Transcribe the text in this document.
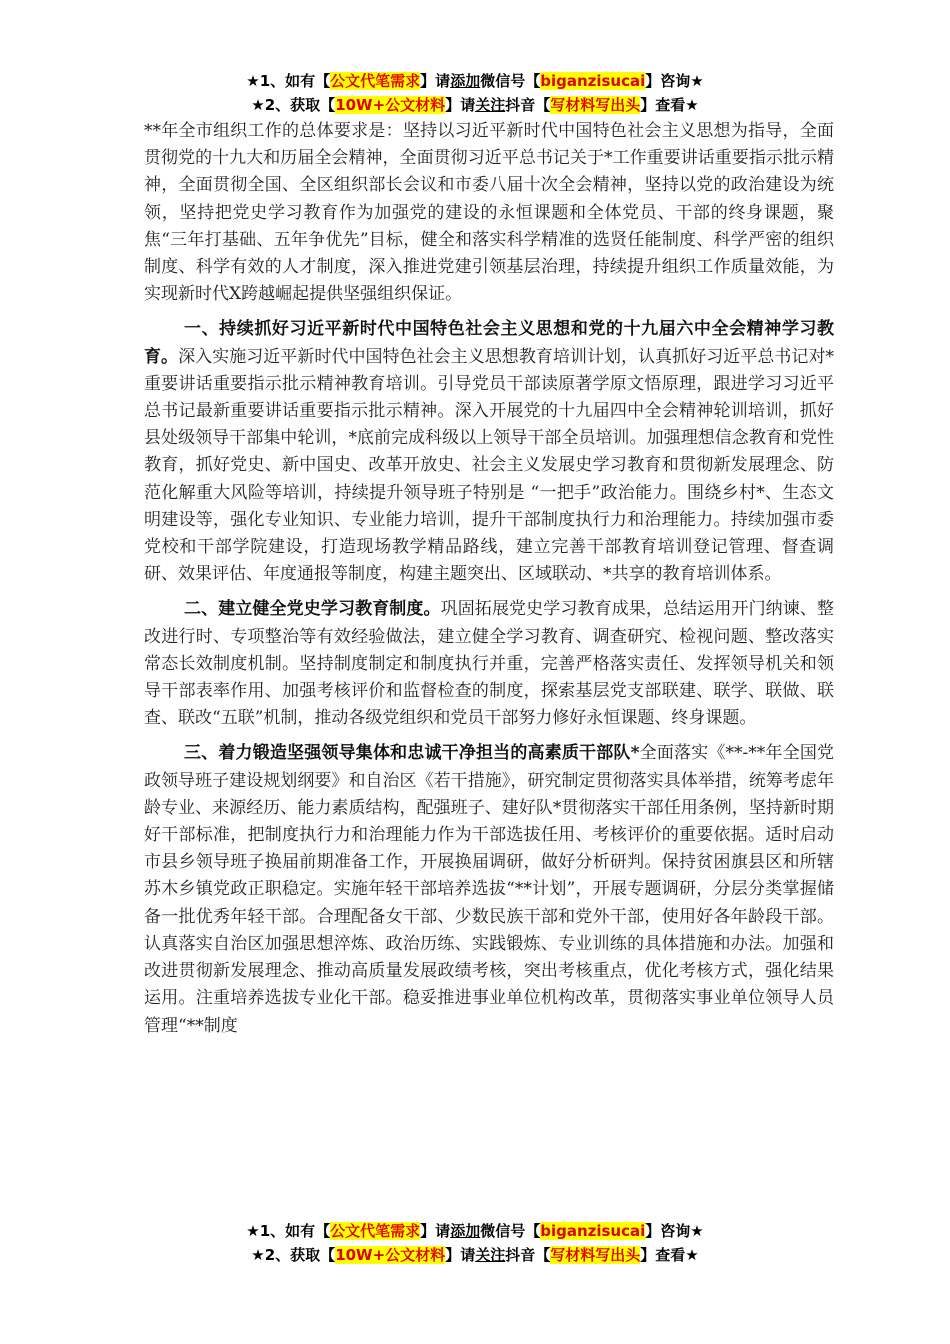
★1、如有【公文代笔需求】请添加微信号【biganzisucai】咨询★
★2、获取【10W+公文材料】请关注抖音【写材料写出头】查看★

**年全市组织工作的总体要求是：坚持以习近平新时代中国特色社会主义思想为指导，全面贯彻党的十九大和历届全会精神，全面贯彻习近平总书记关于*工作重要讲话重要指示批示精神，全面贯彻全国、全区组织部长会议和市委八届十次全会精神，坚持以党的政治建设为统领，坚持把党史学习教育作为加强党的建设的永恒课题和全体党员、干部的终身课题，聚焦“三年打基础、五年争优先”目标，健全和落实科学精准的选贤任能制度、科学严密的组织制度、科学有效的人才制度，深入推进党建引领基层治理，持续提升组织工作质量效能，为实现新时代X跨越崛起提供坚强组织保证。

一、持续抓好习近平新时代中国特色社会主义思想和党的十九届六中全会精神学习教育。深入实施习近平新时代中国特色社会主义思想教育培训计划，认真抓好习近平总书记对*重要讲话重要指示批示精神教育培训。引导党员干部读原著学原文悟原理，跟进学习习近平总书记最新重要讲话重要指示批示精神。深入开展党的十九届四中全会精神轮训培训，抓好县处级领导干部集中轮训，*底前完成科级以上领导干部全员培训。加强理想信念教育和党性教育，抓好党史、新中国史、改革开放史、社会主义发展史学习教育和贯彻新发展理念、防范化解重大风险等培训，持续提升领导班子特别是 “一把手”政治能力。围绕乡村*、生态文明建设等，强化专业知识、专业能力培训，提升干部制度执行力和治理能力。持续加强市委党校和干部学院建设，打造现场教学精品路线，建立完善干部教育培训登记管理、督查调研、效果评估、年度通报等制度，构建主题突出、区域联动、*共享的教育培训体系。

二、建立健全党史学习教育制度。巩固拓展党史学习教育成果，总结运用开门纳谏、整改进行时、专项整治等有效经验做法，建立健全学习教育、调查研究、检视问题、整改落实常态长效制度机制。坚持制度制定和制度执行并重，完善严格落实责任、发挥领导机关和领导干部表率作用、加强考核评价和监督检查的制度，探索基层党支部联建、联学、联做、联查、联改“五联”机制，推动各级党组织和党员干部努力修好永恒课题、终身课题。

三、着力锻造坚强领导集体和忠诚干净担当的高素质干部队*全面落实《**-**年全国党政领导班子建设规划纲要》和自治区《若干措施》，研究制定贯彻落实具体举措，统筹考虑年龄专业、来源经历、能力素质结构，配强班子、建好队*贯彻落实干部任用条例，坚持新时期好干部标准，把制度执行力和治理能力作为干部选拔任用、考核评价的重要依据。适时启动市县乡领导班子换届前期准备工作，开展换届调研，做好分析研判。保持贫困旗县区和所辖苏木乡镇党政正职稳定。实施年轻干部培养选拔“**计划”，开展专题调研，分层分类掌握储备一批优秀年轻干部。合理配备女干部、少数民族干部和党外干部，使用好各年龄段干部。认真落实自治区加强思想淬炼、政治历练、实践锻炼、专业训练的具体措施和办法。加强和改进贯彻新发展理念、推动高质量发展政绩考核，突出考核重点，优化考核方式，强化结果运用。注重培养选拔专业化干部。稳妥推进事业单位机构改革，贯彻落实事业单位领导人员管理“**制度

★1、如有【公文代笔需求】请添加微信号【biganzisucai】咨询★
★2、获取【10W+公文材料】请关注抖音【写材料写出头】查看★
